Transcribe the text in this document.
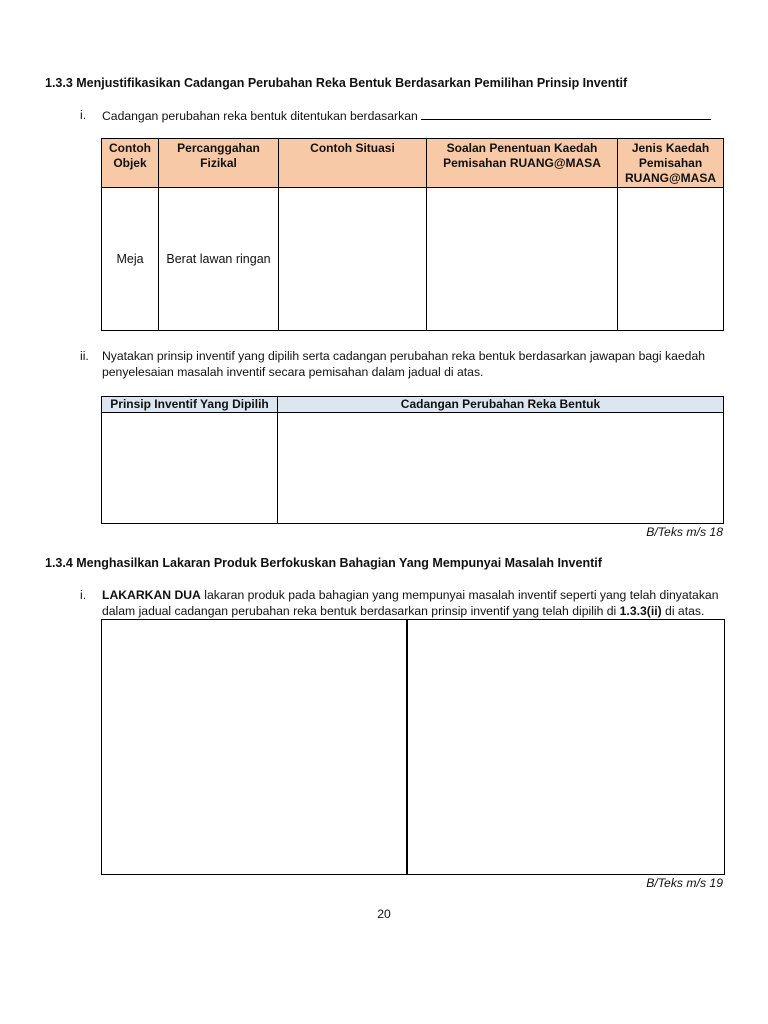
1.3.3 Menjustifikasikan Cadangan Perubahan Reka Bentuk Berdasarkan Pemilihan Prinsip Inventif
i. Cadangan perubahan reka bentuk ditentukan berdasarkan
Contoh Objek	Percanggahan Fizikal	Contoh Situasi	Soalan Penentuan Kaedah Pemisahan RUANG@MASA	Jenis Kaedah Pemisahan RUANG@MASA
Meja	Berat lawan ringan			
ii. Nyatakan prinsip inventif yang dipilih serta cadangan perubahan reka bentuk berdasarkan jawapan bagi kaedah penyelesaian masalah inventif secara pemisahan dalam jadual di atas.
Prinsip Inventif Yang Dipilih	Cadangan Perubahan Reka Bentuk

B/Teks m/s 18
1.3.4 Menghasilkan Lakaran Produk Berfokuskan Bahagian Yang Mempunyai Masalah Inventif
i. LAKARKAN DUA lakaran produk pada bahagian yang mempunyai masalah inventif seperti yang telah dinyatakan dalam jadual cadangan perubahan reka bentuk berdasarkan prinsip inventif yang telah dipilih di 1.3.3(ii) di atas.
B/Teks m/s 19
20
